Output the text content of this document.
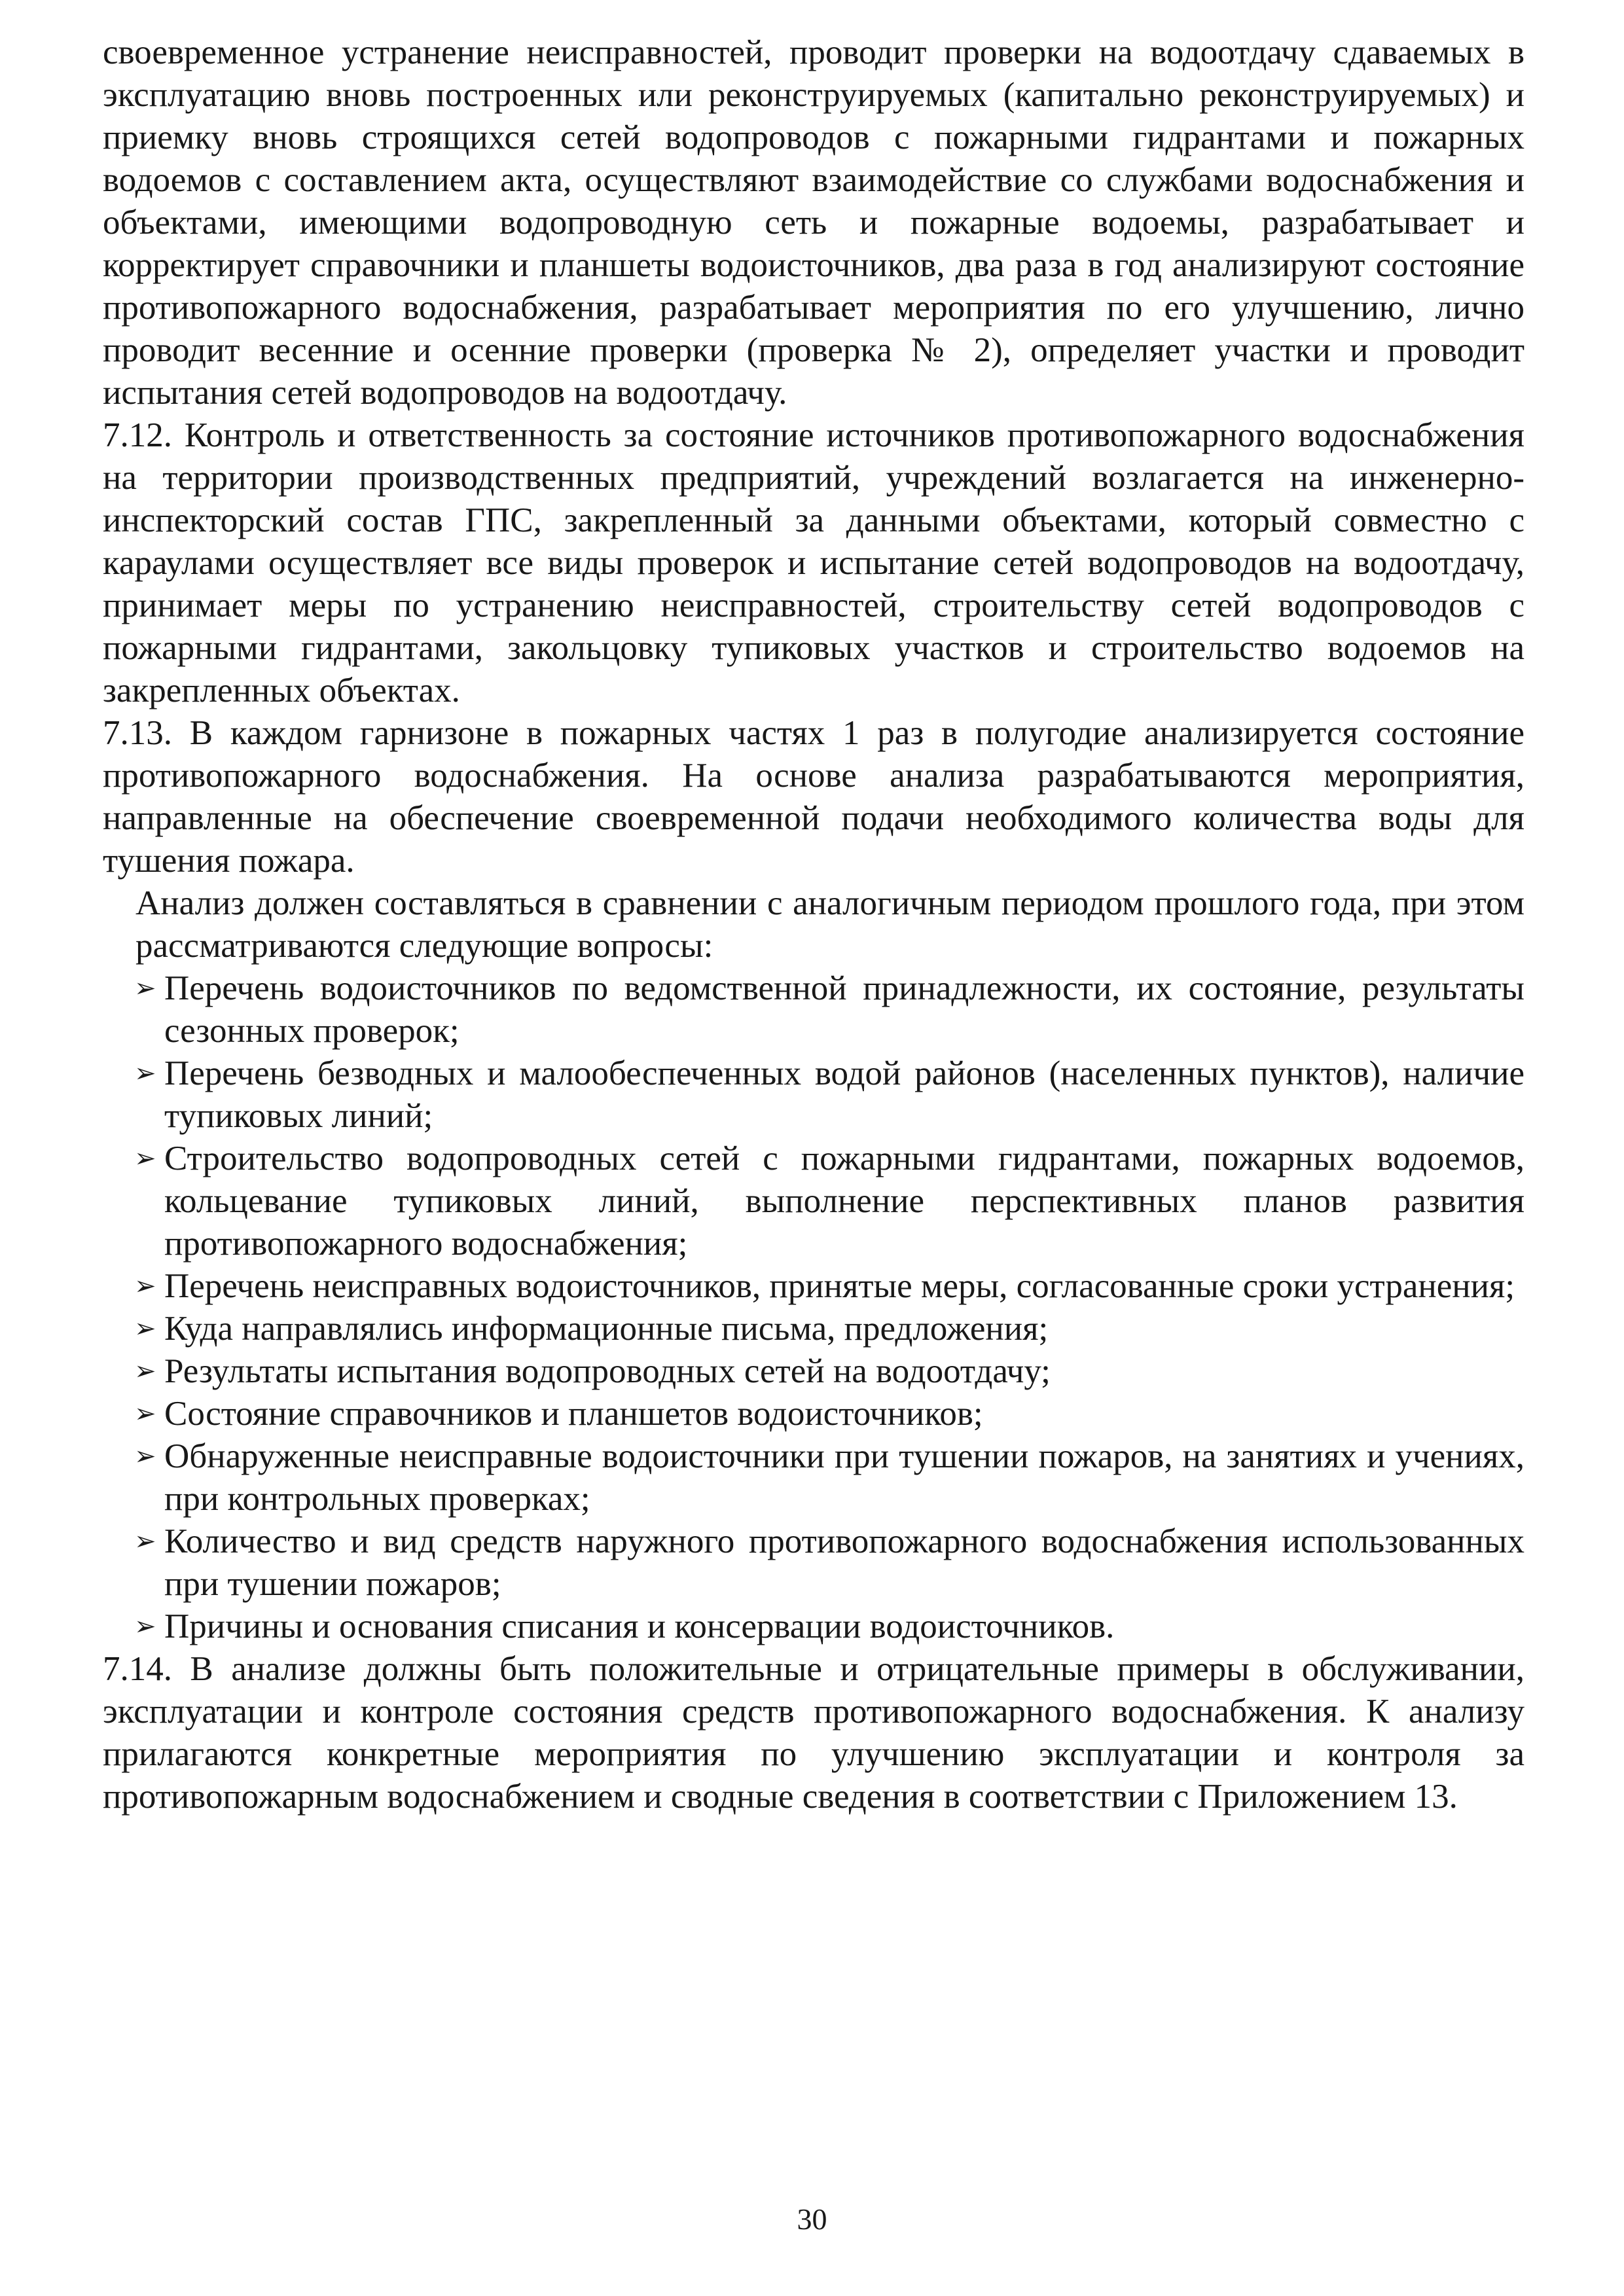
своевременное устранение неисправностей, проводит проверки на водоотдачу сдаваемых в эксплуатацию вновь построенных или реконструируемых (капитально реконструируемых) и приемку вновь строящихся сетей водопроводов с пожарными гидрантами и пожарных водоемов с составлением акта, осуществляют взаимодействие со службами водоснабжения и объектами, имеющими водопроводную сеть и пожарные водоемы, разрабатывает и корректирует справочники и планшеты водоисточников, два раза в год анализируют состояние противопожарного водоснабжения, разрабатывает мероприятия по его улучшению, лично проводит весенние и осенние проверки (проверка № 2), определяет участки и проводит испытания сетей водопроводов на водоотдачу.

7.12. Контроль и ответственность за состояние источников противопожарного водоснабжения на территории производственных предприятий, учреждений возлагается на инженерно-инспекторский состав ГПС, закрепленный за данными объектами, который совместно с караулами осуществляет все виды проверок и испытание сетей водопроводов на водоотдачу, принимает меры по устранению неисправностей, строительству сетей водопроводов с пожарными гидрантами, закольцовку тупиковых участков и строительство водоемов на закрепленных объектах.

7.13. В каждом гарнизоне в пожарных частях 1 раз в полугодие анализируется состояние противопожарного водоснабжения. На основе анализа разрабатываются мероприятия, направленные на обеспечение своевременной подачи необходимого количества воды для тушения пожара.

Анализ должен составляться в сравнении с аналогичным периодом прошлого года, при этом рассматриваются следующие вопросы:

➢ Перечень водоисточников по ведомственной принадлежности, их состояние, результаты сезонных проверок;
➢ Перечень безводных и малообеспеченных водой районов (населенных пунктов), наличие тупиковых линий;
➢ Строительство водопроводных сетей с пожарными гидрантами, пожарных водоемов, кольцевание тупиковых линий, выполнение перспективных планов развития противопожарного водоснабжения;
➢ Перечень неисправных водоисточников, принятые меры, согласованные сроки устранения;
➢ Куда направлялись информационные письма, предложения;
➢ Результаты испытания водопроводных сетей на водоотдачу;
➢ Состояние справочников и планшетов водоисточников;
➢ Обнаруженные неисправные водоисточники при тушении пожаров, на занятиях и учениях, при контрольных проверках;
➢ Количество и вид средств наружного противопожарного водоснабжения использованных при тушении пожаров;
➢ Причины и основания списания и консервации водоисточников.

7.14. В анализе должны быть положительные и отрицательные примеры в обслуживании, эксплуатации и контроле состояния средств противопожарного водоснабжения. К анализу прилагаются конкретные мероприятия по улучшению эксплуатации и контроля за противопожарным водоснабжением и сводные сведения в соответствии с Приложением 13.

30
